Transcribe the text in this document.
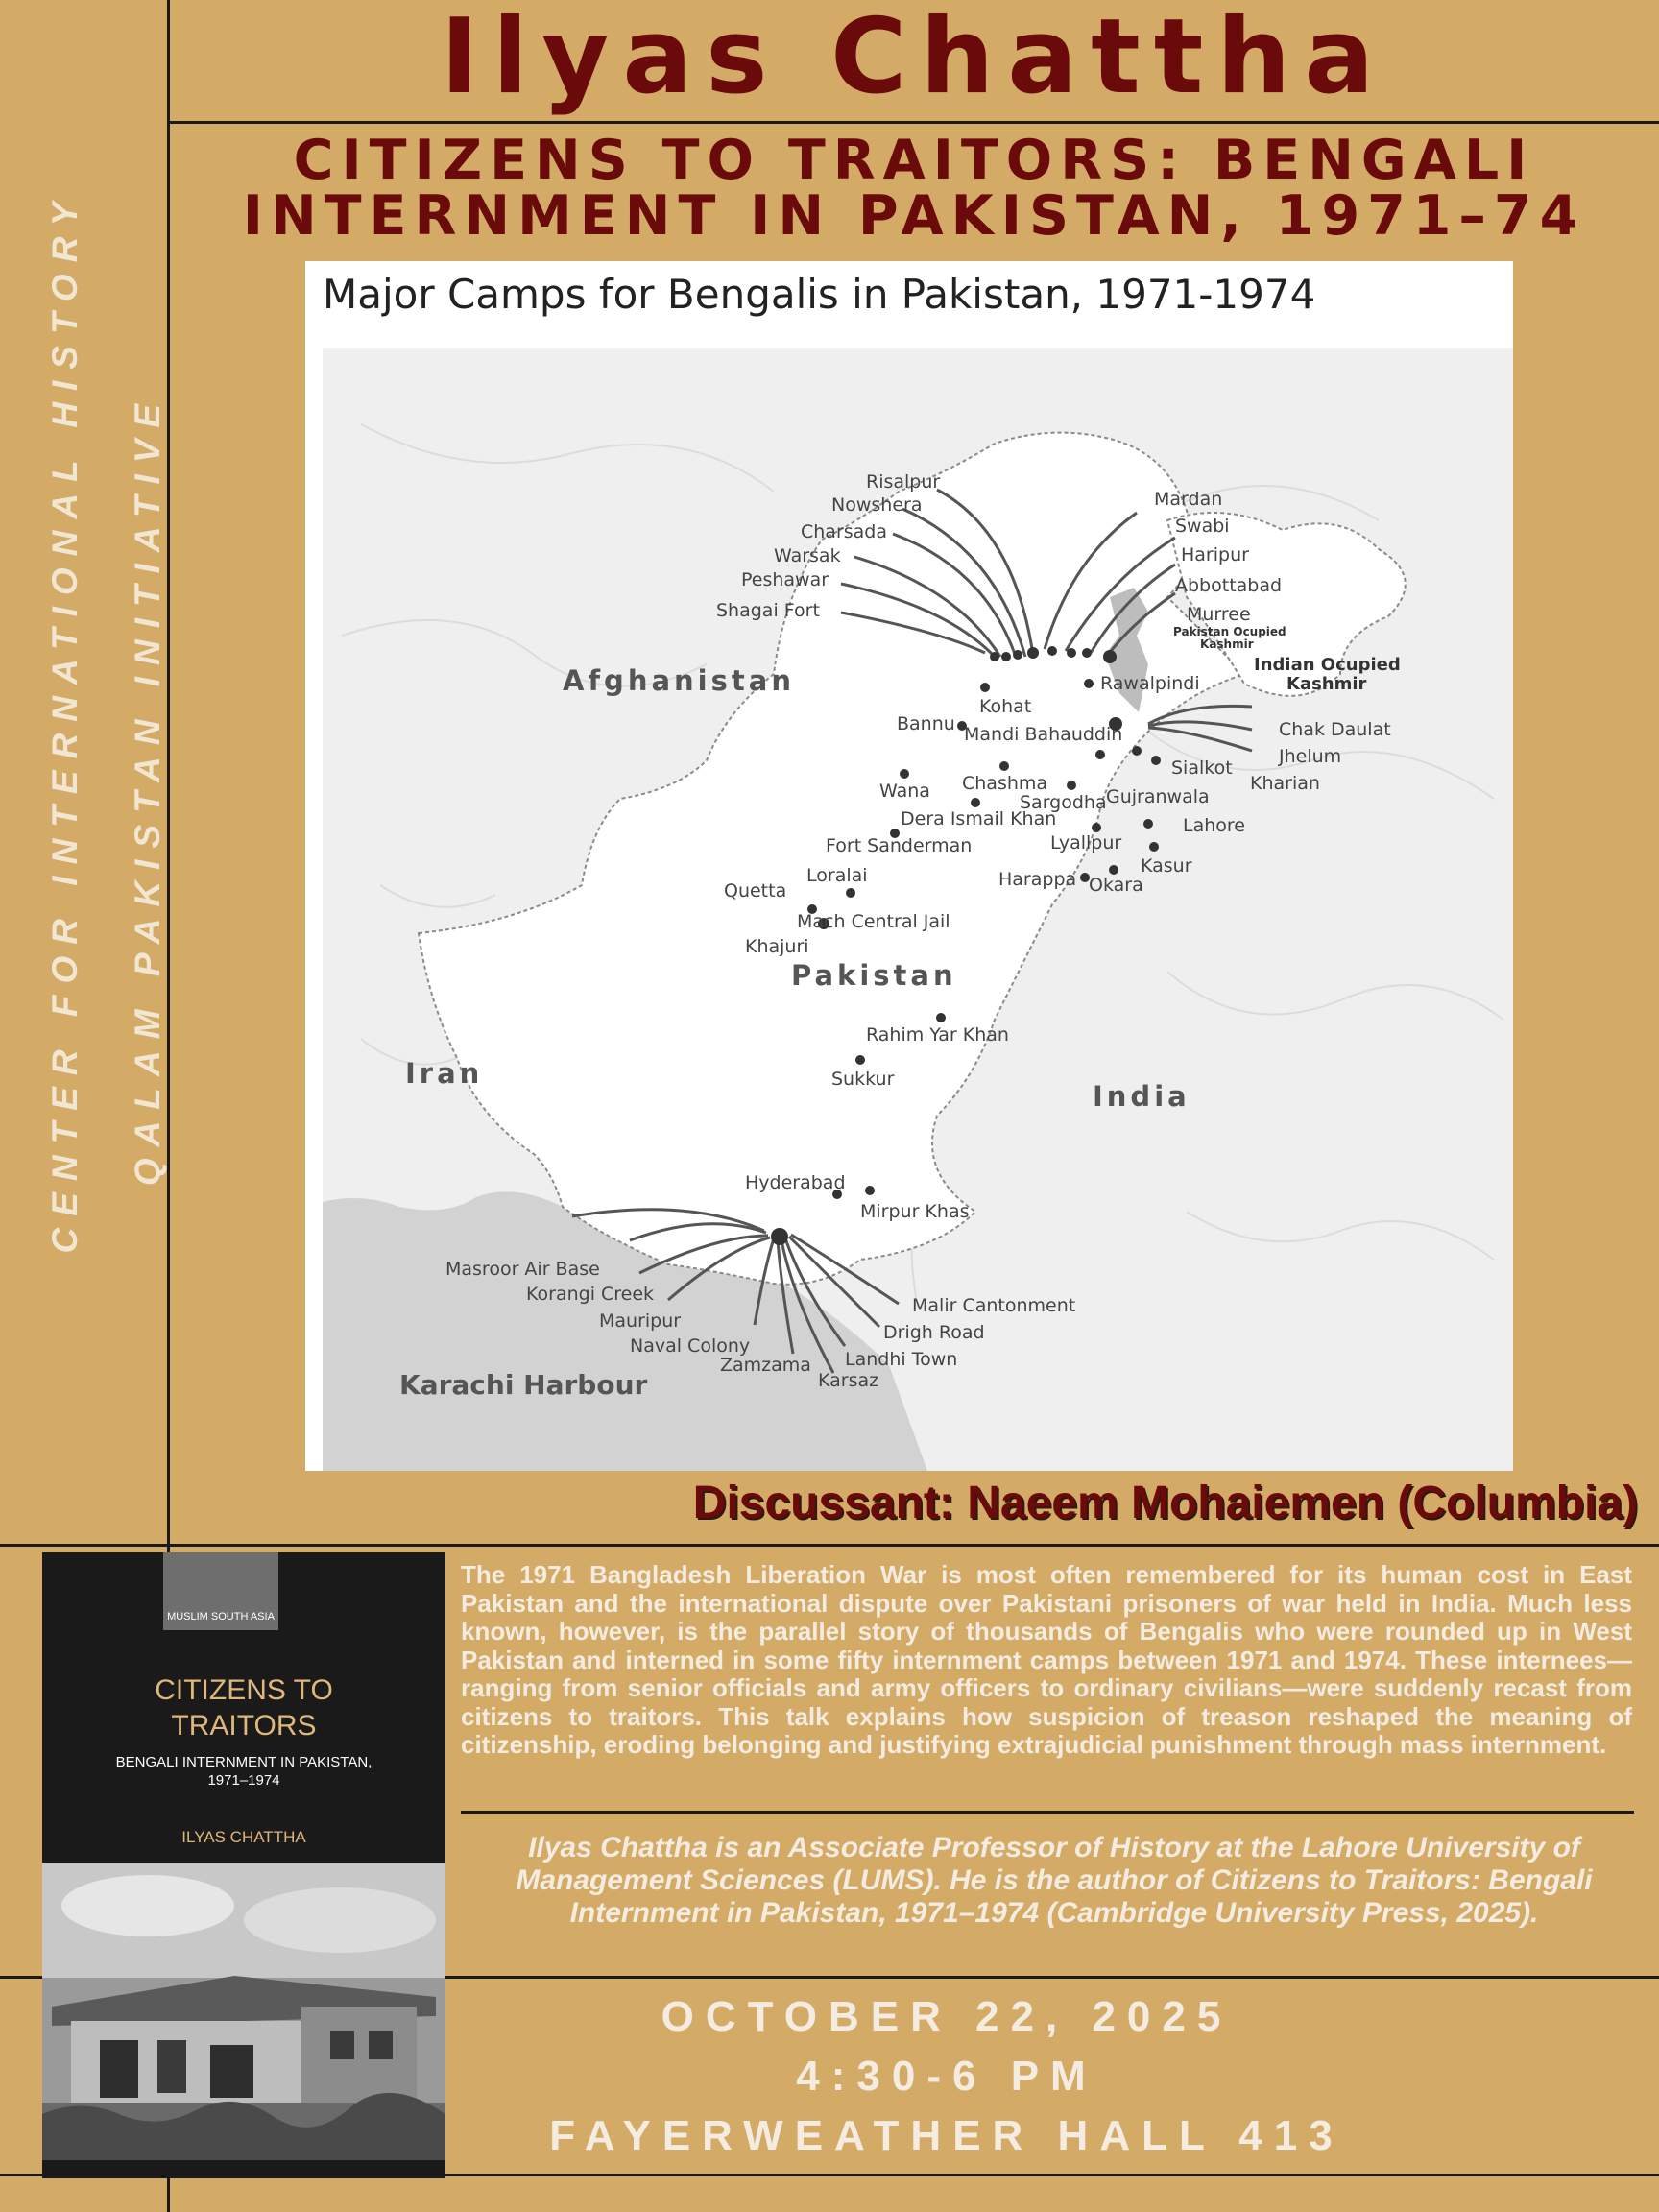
Ilyas Chattha
CITIZENS TO TRAITORS: BENGALI INTERNMENT IN PAKISTAN, 1971–74
CENTER FOR INTERNATIONAL HISTORY QALAM PAKISTAN INITIATIVE
Major Camps for Bengalis in Pakistan, 1971-1974
Afghanistan
Pakistan
Iran
India
Indian Ocupied
Kashmir
Pakistan Ocupied
Kashmir
Karachi Harbour
Risalpur
Nowshera
Charsada
Warsak
Peshawar
Shagai Fort
Mardan
Swabi
Haripur
Abbottabad
Murree
Rawalpindi
Kohat
Bannu Mandi Bahauddin	Chak Daulat
Jhelum
Kharian
Sialkot
Wana Chashma
Sargodha Gujranwala
Dera Ismail Khan	Lahore
Fort Sanderman	Lyallpur
Kasur
Loralai	Harappa Okara
Quetta
Mach Central Jail
Khajuri
Rahim Yar Khan
Sukkur
Hyderabad
Mirpur Khas
Masroor Air Base
Korangi Creek
Mauripur
Naval Colony
Zamzama
Karsaz
Landhi Town
Drigh Road
Malir Cantonment
Discussant: Naeem Mohaiemen (Columbia)
MUSLIM SOUTH ASIA
CITIZENS TO
TRAITORS
BENGALI INTERNMENT IN PAKISTAN,
1971–1974
ILYAS CHATTHA
The 1971 Bangladesh Liberation War is most often remembered for its human cost in East Pakistan and the international dispute over Pakistani prisoners of war held in India. Much less known, however, is the parallel story of thousands of Bengalis who were rounded up in West Pakistan and interned in some fifty internment camps between 1971 and 1974. These internees—ranging from senior officials and army officers to ordinary civilians—were suddenly recast from citizens to traitors. This talk explains how suspicion of treason reshaped the meaning of citizenship, eroding belonging and justifying extrajudicial punishment through mass internment.
Ilyas Chattha is an Associate Professor of History at the Lahore University of Management Sciences (LUMS). He is the author of Citizens to Traitors: Bengali Internment in Pakistan, 1971–1974 (Cambridge University Press, 2025).
OCTOBER 22, 2025
4:30-6 PM
FAYERWEATHER HALL 413
